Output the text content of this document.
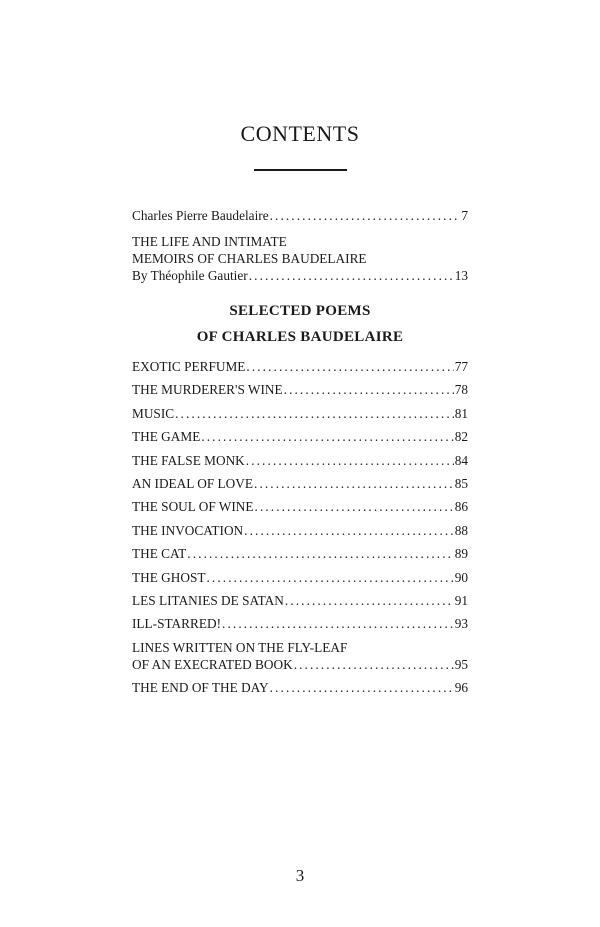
CONTENTS
Charles Pierre Baudelaire .....	7
THE LIFE AND INTIMATE
MEMOIRS OF CHARLES BAUDELAIRE
By Théophile Gautier .....	13
SELECTED POEMS
OF CHARLES BAUDELAIRE
EXOTIC PERFUME .....	77
THE MURDERER'S WINE .....	78
MUSIC .....	81
THE GAME .....	82
THE FALSE MONK .....	84
AN IDEAL OF LOVE .....	85
THE SOUL OF WINE .....	86
THE INVOCATION .....	88
THE CAT .....	89
THE GHOST .....	90
LES LITANIES DE SATAN .....	91
ILL-STARRED! .....	93
LINES WRITTEN ON THE FLY-LEAF
OF AN EXECRATED BOOK .....	95
THE END OF THE DAY .....	96
3
